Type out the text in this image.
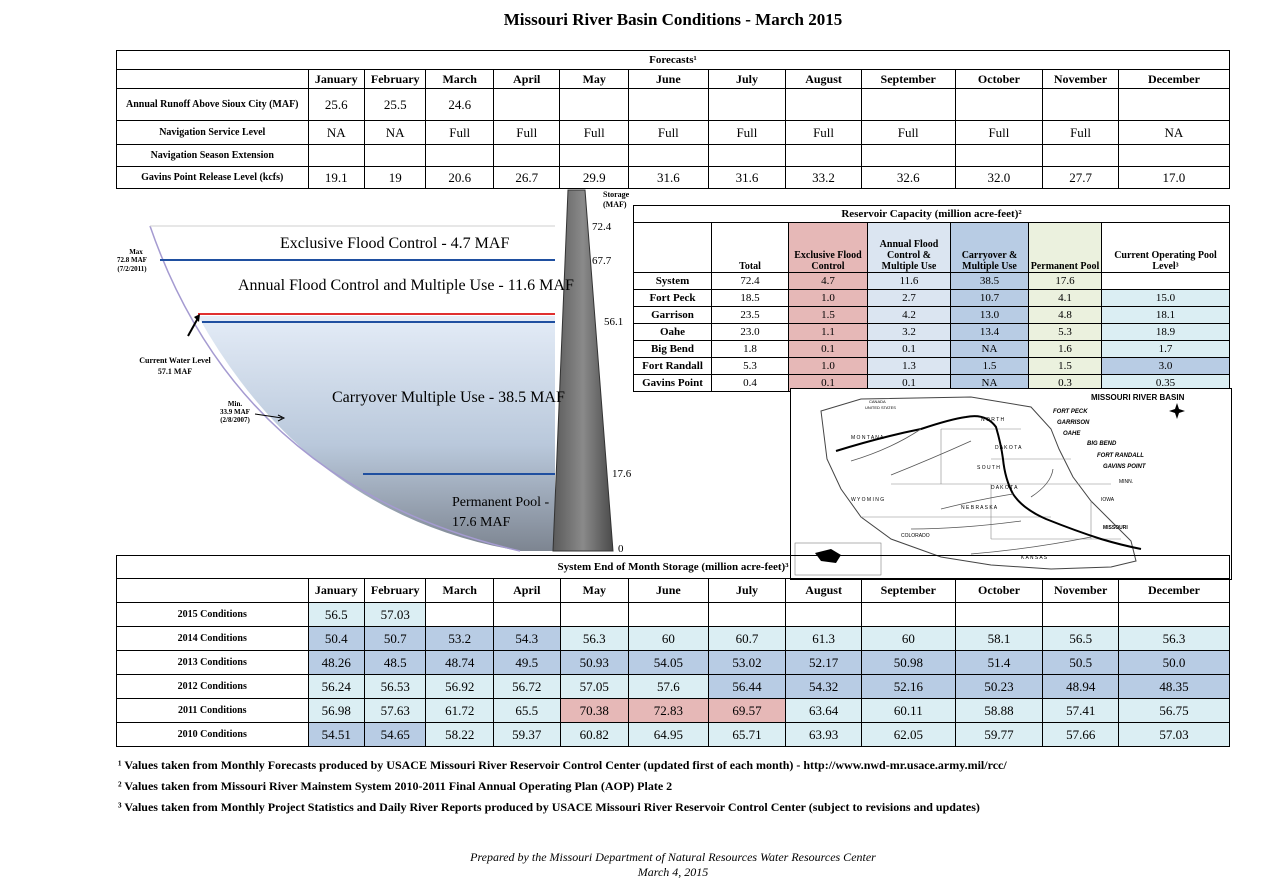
Missouri River Basin Conditions - March 2015
Forecasts¹												
	January	February	March	April	May	June	July	August	September	October	November	December
Annual Runoff Above Sioux City (MAF)	25.6	25.5	24.6									
Navigation Service Level	NA	NA	Full	Full	Full	Full	Full	Full	Full	Full	Full	NA
Navigation Season Extension												
Gavins Point Release Level (kcfs)	19.1	19	20.6	26.7	29.9	31.6	31.6	33.2	32.6	32.0	27.7	17.0
72.4
67.7
56.1
17.6
0
Exclusive Flood Control - 4.7 MAF
Annual Flood Control and Multiple Use - 11.6 MAF
Carryover Multiple Use - 38.5 MAF
Permanent Pool -
17.6 MAF
Max
72.8 MAF
(7/2/2011)
Current Water Level
57.1 MAF
Min.
33.9 MAF
(2/8/2007)
Storage (MAF)
Reservoir Capacity (million acre-feet)²						
	Total	Exclusive Flood Control	Annual Flood Control & Multiple Use	Carryover & Multiple Use	Permanent Pool	Current Operating Pool Level³
System	72.4	4.7	11.6	38.5	17.6	
Fort Peck	18.5	1.0	2.7	10.7	4.1	15.0
Garrison	23.5	1.5	4.2	13.0	4.8	18.1
Oahe	23.0	1.1	3.2	13.4	5.3	18.9
Big Bend	1.8	0.1	0.1	NA	1.6	1.7
Fort Randall	5.3	1.0	1.3	1.5	1.5	3.0
Gavins Point	0.4	0.1	0.1	NA	0.3	0.35
MISSOURI RIVER BASIN
CANADA
UNITED STATES
FORT PECK
GARRISON
OAHE
BIG BEND
FORT RANDALL
GAVINS POINT
M O N T A N A
N O R T H
D A K O T A
S O U T H
D A K O T A
W Y O M I N G
N E B R A S K A
COLORADO
K A N S A S
IOWA
MINN.
MISSOURI
System End of Month Storage (million acre-feet)³												
	January	February	March	April	May	June	July	August	September	October	November	December
2015 Conditions	56.5	57.03										
2014 Conditions	50.4	50.7	53.2	54.3	56.3	60	60.7	61.3	60	58.1	56.5	56.3
2013 Conditions	48.26	48.5	48.74	49.5	50.93	54.05	53.02	52.17	50.98	51.4	50.5	50.0
2012 Conditions	56.24	56.53	56.92	56.72	57.05	57.6	56.44	54.32	52.16	50.23	48.94	48.35
2011 Conditions	56.98	57.63	61.72	65.5	70.38	72.83	69.57	63.64	60.11	58.88	57.41	56.75
2010 Conditions	54.51	54.65	58.22	59.37	60.82	64.95	65.71	63.93	62.05	59.77	57.66	57.03
¹ Values taken from Monthly Forecasts produced by USACE Missouri River Reservoir Control Center (updated first of each month) - http://www.nwd-mr.usace.army.mil/rcc/
² Values taken from Missouri River Mainstem System 2010-2011 Final Annual Operating Plan (AOP) Plate 2
³ Values taken from Monthly Project Statistics and Daily River Reports produced by USACE Missouri River Reservoir Control Center (subject to revisions and updates)
Prepared by the Missouri Department of Natural Resources Water Resources Center
March 4, 2015
